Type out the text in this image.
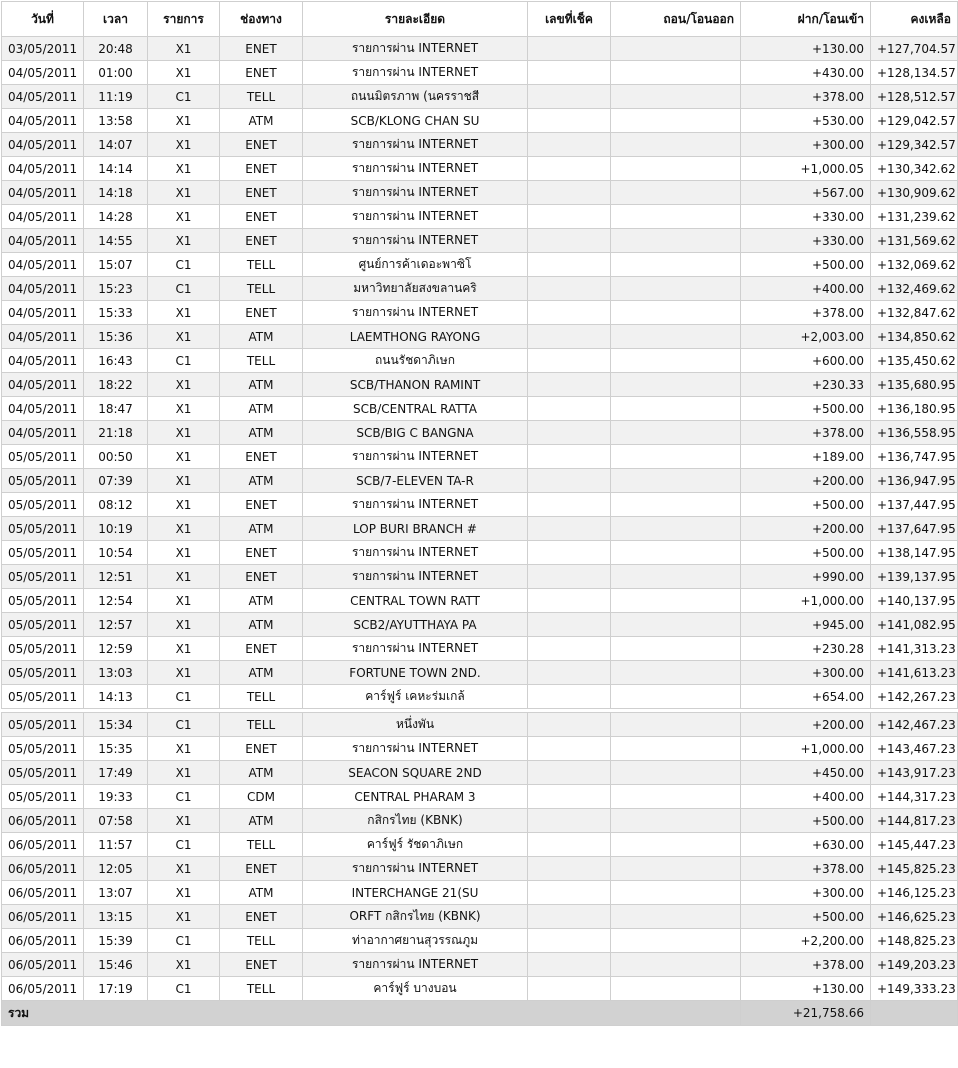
วันที่	เวลา	รายการ	ช่องทาง	รายละเอียด	เลขที่เช็ค	ถอน/โอนออก	ฝาก/โอนเข้า	คงเหลือ
03/05/2011	20:48	X1	ENET	รายการผ่าน INTERNET			+130.00	+127,704.57
04/05/2011	01:00	X1	ENET	รายการผ่าน INTERNET			+430.00	+128,134.57
04/05/2011	11:19	C1	TELL	ถนนมิตรภาพ (นครราชสี			+378.00	+128,512.57
04/05/2011	13:58	X1	ATM	SCB/KLONG CHAN SU			+530.00	+129,042.57
04/05/2011	14:07	X1	ENET	รายการผ่าน INTERNET			+300.00	+129,342.57
04/05/2011	14:14	X1	ENET	รายการผ่าน INTERNET			+1,000.05	+130,342.62
04/05/2011	14:18	X1	ENET	รายการผ่าน INTERNET			+567.00	+130,909.62
04/05/2011	14:28	X1	ENET	รายการผ่าน INTERNET			+330.00	+131,239.62
04/05/2011	14:55	X1	ENET	รายการผ่าน INTERNET			+330.00	+131,569.62
04/05/2011	15:07	C1	TELL	ศูนย์การค้าเดอะพาซิโ			+500.00	+132,069.62
04/05/2011	15:23	C1	TELL	มหาวิทยาลัยสงขลานคริ			+400.00	+132,469.62
04/05/2011	15:33	X1	ENET	รายการผ่าน INTERNET			+378.00	+132,847.62
04/05/2011	15:36	X1	ATM	LAEMTHONG RAYONG			+2,003.00	+134,850.62
04/05/2011	16:43	C1	TELL	ถนนรัชดาภิเษก			+600.00	+135,450.62
04/05/2011	18:22	X1	ATM	SCB/THANON RAMINT			+230.33	+135,680.95
04/05/2011	18:47	X1	ATM	SCB/CENTRAL RATTA			+500.00	+136,180.95
04/05/2011	21:18	X1	ATM	SCB/BIG C BANGNA			+378.00	+136,558.95
05/05/2011	00:50	X1	ENET	รายการผ่าน INTERNET			+189.00	+136,747.95
05/05/2011	07:39	X1	ATM	SCB/7-ELEVEN TA-R			+200.00	+136,947.95
05/05/2011	08:12	X1	ENET	รายการผ่าน INTERNET			+500.00	+137,447.95
05/05/2011	10:19	X1	ATM	LOP BURI BRANCH #			+200.00	+137,647.95
05/05/2011	10:54	X1	ENET	รายการผ่าน INTERNET			+500.00	+138,147.95
05/05/2011	12:51	X1	ENET	รายการผ่าน INTERNET			+990.00	+139,137.95
05/05/2011	12:54	X1	ATM	CENTRAL TOWN RATT			+1,000.00	+140,137.95
05/05/2011	12:57	X1	ATM	SCB2/AYUTTHAYA PA			+945.00	+141,082.95
05/05/2011	12:59	X1	ENET	รายการผ่าน INTERNET			+230.28	+141,313.23
05/05/2011	13:03	X1	ATM	FORTUNE TOWN 2ND.			+300.00	+141,613.23
05/05/2011	14:13	C1	TELL	คาร์ฟูร์ เคหะร่มเกล้			+654.00	+142,267.23

05/05/2011	15:34	C1	TELL	หนึ่งพัน			+200.00	+142,467.23
05/05/2011	15:35	X1	ENET	รายการผ่าน INTERNET			+1,000.00	+143,467.23
05/05/2011	17:49	X1	ATM	SEACON SQUARE 2ND			+450.00	+143,917.23
05/05/2011	19:33	C1	CDM	CENTRAL PHARAM 3			+400.00	+144,317.23
06/05/2011	07:58	X1	ATM	กสิกรไทย (KBNK)			+500.00	+144,817.23
06/05/2011	11:57	C1	TELL	คาร์ฟูร์ รัชดาภิเษก			+630.00	+145,447.23
06/05/2011	12:05	X1	ENET	รายการผ่าน INTERNET			+378.00	+145,825.23
06/05/2011	13:07	X1	ATM	INTERCHANGE 21(SU			+300.00	+146,125.23
06/05/2011	13:15	X1	ENET	ORFT กสิกรไทย (KBNK)			+500.00	+146,625.23
06/05/2011	15:39	C1	TELL	ท่าอากาศยานสุวรรณภูม			+2,200.00	+148,825.23
06/05/2011	15:46	X1	ENET	รายการผ่าน INTERNET			+378.00	+149,203.23
06/05/2011	17:19	C1	TELL	คาร์ฟูร์ บางบอน			+130.00	+149,333.23
รวม							+21,758.66	
